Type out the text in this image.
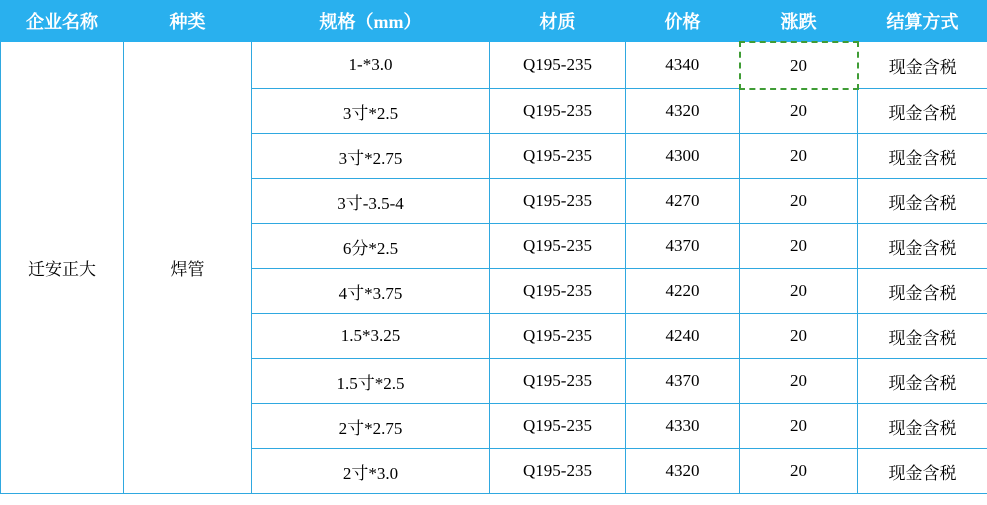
企业名称	种类	规格（mm）	材质	价格	涨跌	结算方式
迁安正大	焊管	1-*3.0	Q195-235	4340	20	现金含税
		3寸*2.5	Q195-235	4320	20	现金含税
		3寸*2.75	Q195-235	4300	20	现金含税
		3寸-3.5-4	Q195-235	4270	20	现金含税
		6分*2.5	Q195-235	4370	20	现金含税
		4寸*3.75	Q195-235	4220	20	现金含税
		1.5*3.25	Q195-235	4240	20	现金含税
		1.5寸*2.5	Q195-235	4370	20	现金含税
		2寸*2.75	Q195-235	4330	20	现金含税
		2寸*3.0	Q195-235	4320	20	现金含税
